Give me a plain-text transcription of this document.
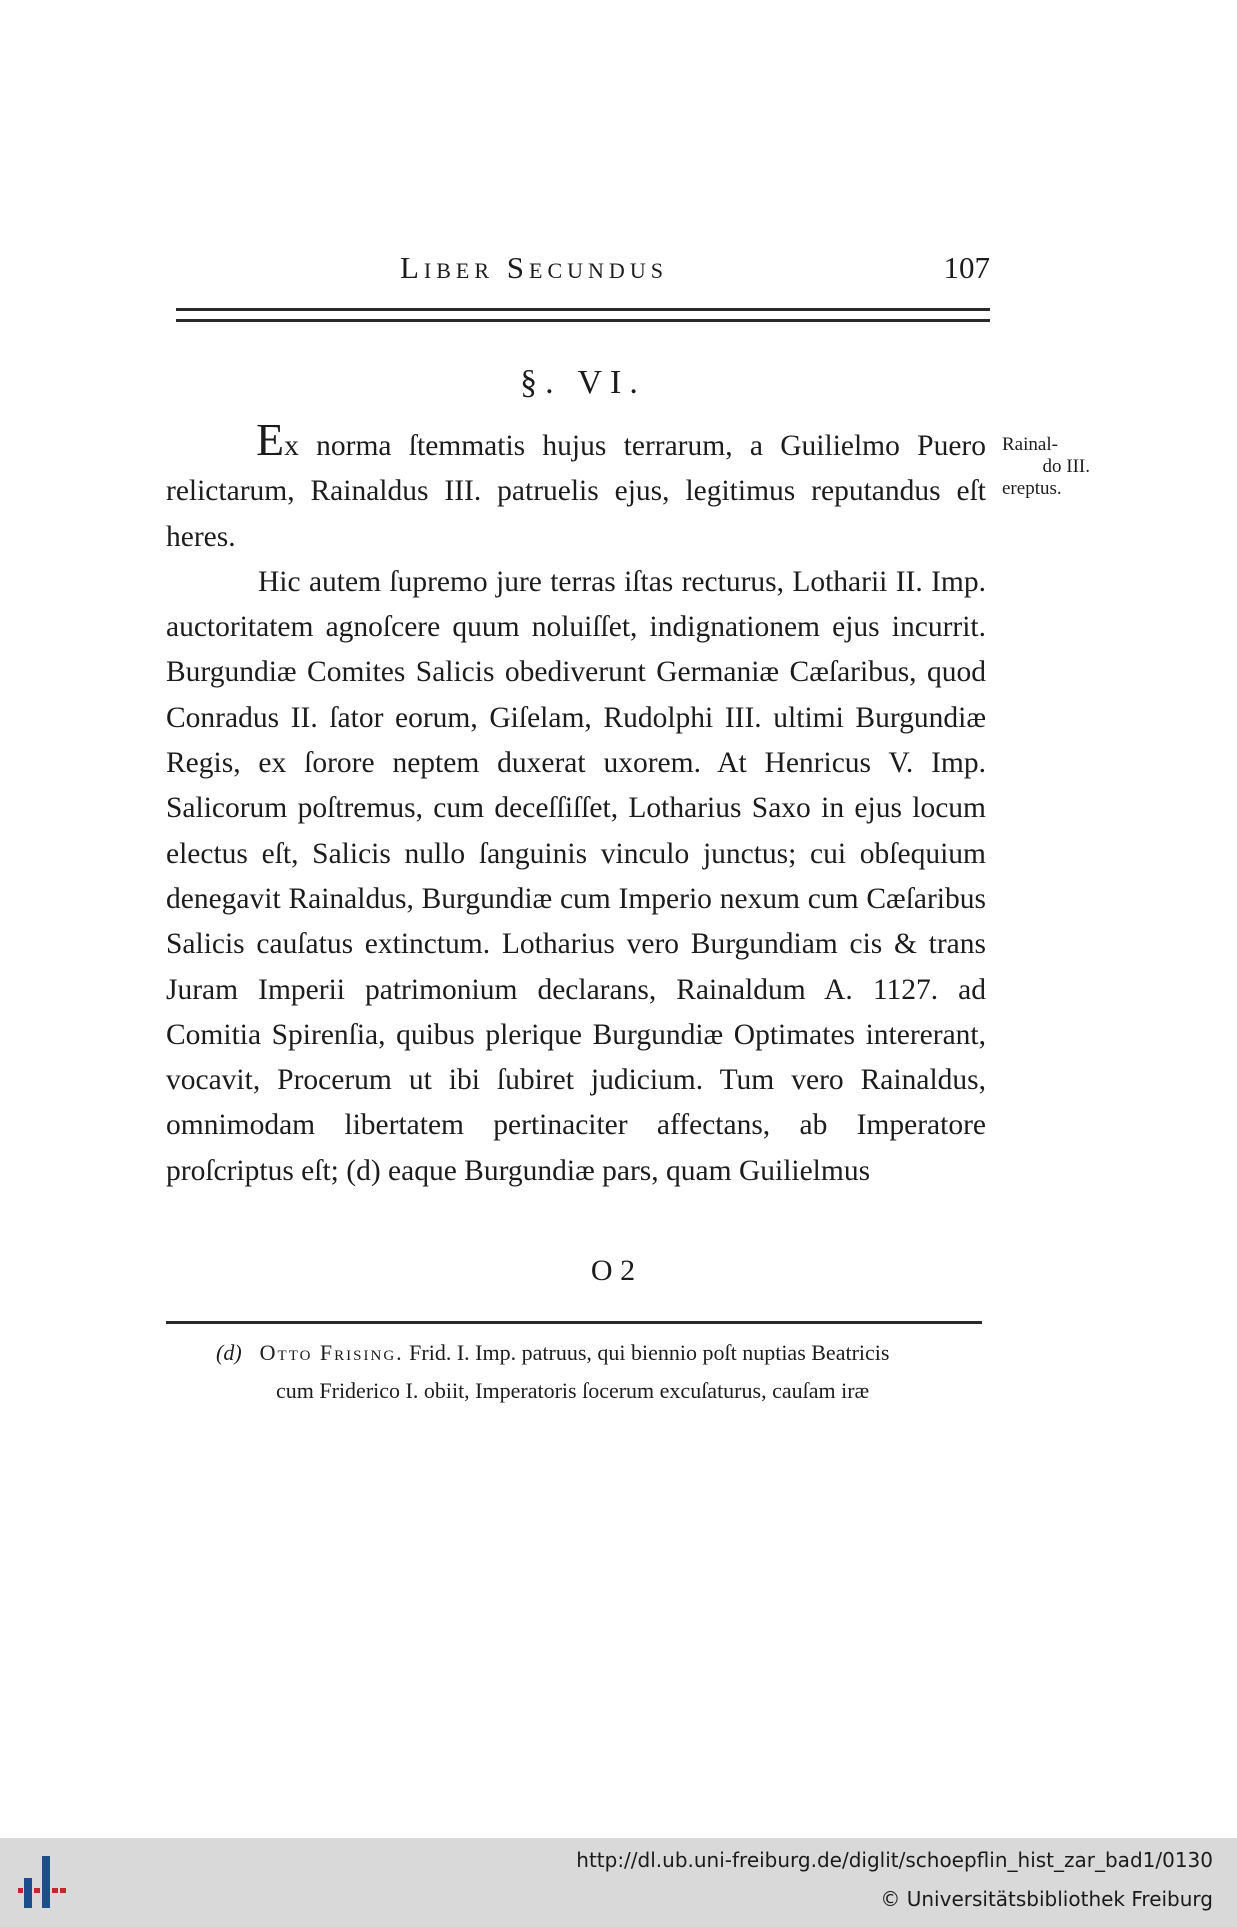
Liber Secundus	107
§. VI.
Rainal-
do III.
ereptus.

Ex norma ſtemmatis hujus terrarum, a Guilielmo Puero relictarum, Rainaldus III. patruelis ejus, legitimus reputandus eſt heres.

Hic autem ſupremo jure terras iſtas recturus, Lotharii II. Imp. auctoritatem agnoſcere quum noluiſſet, indignationem ejus incurrit. Burgundiæ Comites Salicis obediverunt Germaniæ Cæſaribus, quod Conradus II. ſator eorum, Giſelam, Rudolphi III. ultimi Burgundiæ Regis, ex ſorore neptem duxerat uxorem. At Henricus V. Imp. Salicorum poſtremus, cum deceſſiſſet, Lotharius Saxo in ejus locum electus eſt, Salicis nullo ſanguinis vinculo junctus; cui obſequium denegavit Rainaldus, Burgundiæ cum Imperio nexum cum Cæſaribus Salicis cauſatus extinctum. Lotharius vero Burgundiam cis & trans Juram Imperii patrimonium declarans, Rainaldum A. 1127. ad Comitia Spirenſia, quibus plerique Burgundiæ Optimates intererant, vocavit, Procerum ut ibi ſubiret judicium. Tum vero Rainaldus, omnimodam libertatem pertinaciter affectans, ab Imperatore proſcriptus eſt; (d) eaque Burgundiæ pars, quam Guilielmus

O 2
(d) Otto Frising. Frid. I. Imp. patruus, qui biennio poſt nuptias Beatricis
cum Friderico I. obiit, Imperatoris ſocerum excuſaturus, cauſam iræ
http://dl.ub.uni-freiburg.de/diglit/schoepflin_hist_zar_bad1/0130
© Universitätsbibliothek Freiburg
